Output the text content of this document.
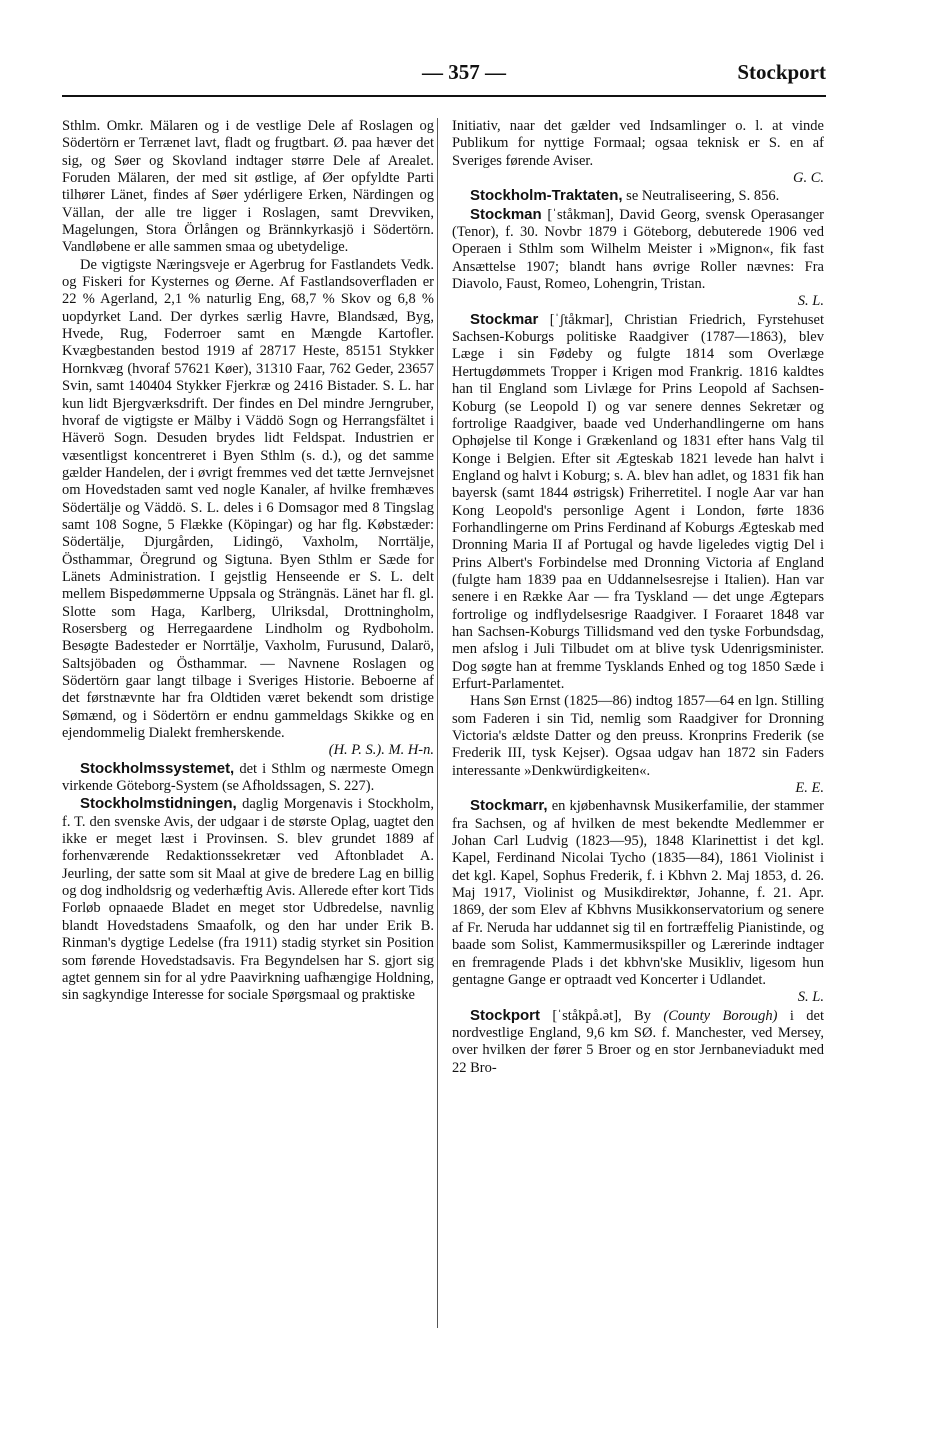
— 357 —	Stockport

Sthlm. Omkr. Mälaren og i de vestlige Dele af Roslagen og Södertörn er Terrænet lavt, fladt og frugtbart. Ø. paa hæver det sig, og Søer og Skovland indtager større Dele af Arealet. Foruden Mälaren, der med sit østlige, af Øer opfyldte Parti tilhører Länet, findes af Søer ydérligere Erken, Närdingen og Vällan, der alle tre ligger i Roslagen, samt Drevviken, Magelungen, Stora Örlången og Brännkyrkasjö i Södertörn. Vandløbene er alle sammen smaa og ubetydelige.

De vigtigste Næringsveje er Agerbrug for Fastlandets Vedk. og Fiskeri for Kysternes og Øerne. Af Fastlandsoverfladen er 22 % Agerland, 2,1 % naturlig Eng, 68,7 % Skov og 6,8 % uopdyrket Land. Der dyrkes særlig Havre, Blandsæd, Byg, Hvede, Rug, Foderroer samt en Mængde Kartofler. Kvægbestanden bestod 1919 af 28717 Heste, 85151 Stykker Hornkvæg (hvoraf 57621 Køer), 31310 Faar, 762 Geder, 23657 Svin, samt 140404 Stykker Fjerkræ og 2416 Bistader. S. L. har kun lidt Bjergværksdrift. Der findes en Del mindre Jerngruber, hvoraf de vigtigste er Mälby i Väddö Sogn og Herrangsfältet i Häverö Sogn. Desuden brydes lidt Feldspat. Industrien er væsentligst koncentreret i Byen Sthlm (s. d.), og det samme gælder Handelen, der i øvrigt fremmes ved det tætte Jernvejsnet om Hovedstaden samt ved nogle Kanaler, af hvilke fremhæves Södertälje og Väddö. S. L. deles i 6 Domsagor med 8 Tingslag samt 108 Sogne, 5 Flække (Köpingar) og har flg. Købstæder: Södertälje, Djurgården, Lidingö, Vaxholm, Norrtälje, Östhammar, Öregrund og Sigtuna. Byen Sthlm er Sæde for Länets Administration. I gejstlig Henseende er S. L. delt mellem Bispedømmerne Uppsala og Strängnäs. Länet har fl. gl. Slotte som Haga, Karlberg, Ulriksdal, Drottningholm, Rosersberg og Herregaardene Lindholm og Rydboholm. Besøgte Badesteder er Norrtälje, Vaxholm, Furusund, Dalarö, Saltsjöbaden og Östhammar. — Navnene Roslagen og Södertörn gaar langt tilbage i Sveriges Historie. Beboerne af det førstnævnte har fra Oldtiden været bekendt som dristige Sømænd, og i Södertörn er endnu gammeldags Skikke og en ejendommelig Dialekt fremherskende.

(H. P. S.). M. H-n.

Stockholmssystemet, det i Sthlm og nærmeste Omegn virkende Göteborg-System (se Afholdssagen, S. 227).

Stockholmstidningen, daglig Morgenavis i Stockholm, f. T. den svenske Avis, der udgaar i de største Oplag, uagtet den ikke er meget læst i Provinsen. S. blev grundet 1889 af forhenværende Redaktionssekretær ved Aftonbladet A. Jeurling, der satte som sit Maal at give de bredere Lag en billig og dog indholdsrig og vederhæftig Avis. Allerede efter kort Tids Forløb opnaaede Bladet en meget stor Udbredelse, navnlig blandt Hovedstadens Smaafolk, og den har under Erik B. Rinman's dygtige Ledelse (fra 1911) stadig styrket sin Position som førende Hovedstadsavis. Fra Begyndelsen har S. gjort sig agtet gennem sin for al ydre Paavirkning uafhængige Holdning, sin sagkyndige Interesse for sociale Spørgsmaal og praktiske

Initiativ, naar det gælder ved Indsamlinger o. l. at vinde Publikum for nyttige Formaal; ogsaa teknisk er S. en af Sveriges førende Aviser.

G. C.

Stockholm-Traktaten, se Neutraliseering, S. 856.

Stockman [ˈståkman], David Georg, svensk Operasanger (Tenor), f. 30. Novbr 1879 i Göteborg, debuterede 1906 ved Operaen i Sthlm som Wilhelm Meister i »Mignon«, fik fast Ansættelse 1907; blandt hans øvrige Roller nævnes: Fra Diavolo, Faust, Romeo, Lohengrin, Tristan.

S. L.

Stockmar [ˈʃtåkmar], Christian Friedrich, Fyrstehuset Sachsen-Koburgs politiske Raadgiver (1787—1863), blev Læge i sin Fødeby og fulgte 1814 som Overlæge Hertugdømmets Tropper i Krigen mod Frankrig. 1816 kaldtes han til England som Livlæge for Prins Leopold af Sachsen-Koburg (se Leopold I) og var senere dennes Sekretær og fortrolige Raadgiver, baade ved Underhandlingerne om hans Ophøjelse til Konge i Grækenland og 1831 efter hans Valg til Konge i Belgien. Efter sit Ægteskab 1821 levede han halvt i England og halvt i Koburg; s. A. blev han adlet, og 1831 fik han bayersk (samt 1844 østrigsk) Friherretitel. I nogle Aar var han Kong Leopold's personlige Agent i London, førte 1836 Forhandlingerne om Prins Ferdinand af Koburgs Ægteskab med Dronning Maria II af Portugal og havde ligeledes vigtig Del i Prins Albert's Forbindelse med Dronning Victoria af England (fulgte ham 1839 paa en Uddannelsesrejse i Italien). Han var senere i en Række Aar — fra Tyskland — det unge Ægtepars fortrolige og indflydelsesrige Raadgiver. I Foraaret 1848 var han Sachsen-Koburgs Tillidsmand ved den tyske Forbundsdag, men afslog i Juli Tilbudet om at blive tysk Udenrigsminister. Dog søgte han at fremme Tysklands Enhed og tog 1850 Sæde i Erfurt-Parlamentet.

Hans Søn Ernst (1825—86) indtog 1857—64 en lgn. Stilling som Faderen i sin Tid, nemlig som Raadgiver for Dronning Victoria's ældste Datter og den preuss. Kronprins Frederik (se Frederik III, tysk Kejser). Ogsaa udgav han 1872 sin Faders interessante »Denkwürdigkeiten«.

E. E.

Stockmarr, en kjøbenhavnsk Musikerfamilie, der stammer fra Sachsen, og af hvilken de mest bekendte Medlemmer er Johan Carl Ludvig (1823—95), 1848 Klarinettist i det kgl. Kapel, Ferdinand Nicolai Tycho (1835—84), 1861 Violinist i det kgl. Kapel, Sophus Frederik, f. i Kbhvn 2. Maj 1853, d. 26. Maj 1917, Violinist og Musikdirektør, Johanne, f. 21. Apr. 1869, der som Elev af Kbhvns Musikkonservatorium og senere af Fr. Neruda har uddannet sig til en fortræffelig Pianistinde, og baade som Solist, Kammermusikspiller og Lærerinde indtager en fremragende Plads i det kbhvn'ske Musikliv, ligesom hun gentagne Gange er optraadt ved Koncerter i Udlandet.

S. L.

Stockport [ˈståkpå.ət], By (County Borough) i det nordvestlige England, 9,6 km SØ. f. Manchester, ved Mersey, over hvilken der fører 5 Broer og en stor Jernbaneviadukt med 22 Bro-
